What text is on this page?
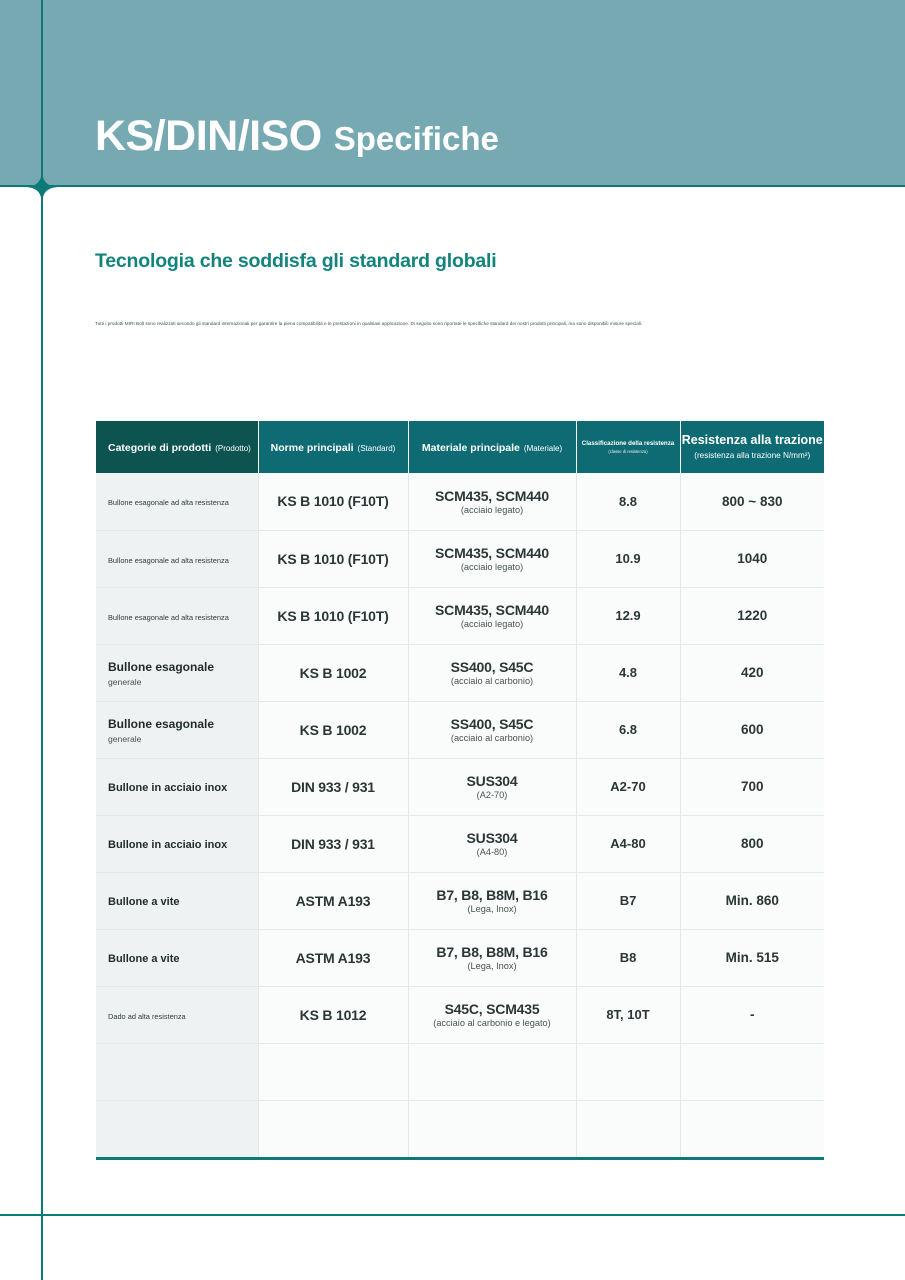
KS/DIN/ISO Specifiche
Tecnologia che soddisfa gli standard globali
Tutti i prodotti MIRI Bolt sono realizzati secondo gli standard internazionali per garantire la piena compatibilità e le prestazioni in qualsiasi applicazione. Di seguito sono riportate le specifiche standard dei nostri prodotti principali, ma sono disponibili misure speciali.
Categorie di prodotti (Prodotto)	Norme principali (Standard)	Materiale principale (Materiale)	Classificazione della resistenza
(classe di resistenza)	Resistenza alla trazione
(resistenza alla trazione N/mm²)

Bullone esagonale ad alta resistenza	KS B 1010 (F10T)	SCM435, SCM440
(acciaio legato)	8.8	800 ~ 830
Bullone esagonale ad alta resistenza	KS B 1010 (F10T)	SCM435, SCM440
(acciaio legato)	10.9	1040
Bullone esagonale ad alta resistenza	KS B 1010 (F10T)	SCM435, SCM440
(acciaio legato)	12.9	1220
Bullone esagonale
generale	KS B 1002	SS400, S45C
(acciaio al carbonio)	4.8	420
Bullone esagonale
generale	KS B 1002	SS400, S45C
(acciaio al carbonio)	6.8	600
Bullone in acciaio inox	DIN 933 / 931	SUS304
(A2-70)	A2-70	700
Bullone in acciaio inox	DIN 933 / 931	SUS304
(A4-80)	A4-80	800
Bullone a vite	ASTM A193	B7, B8, B8M, B16
(Lega, Inox)	B7	Min. 860
Bullone a vite	ASTM A193	B7, B8, B8M, B16
(Lega, Inox)	B8	Min. 515
Dado ad alta resistenza	KS B 1012	S45C, SCM435
(acciaio al carbonio e legato)	8T, 10T	-
